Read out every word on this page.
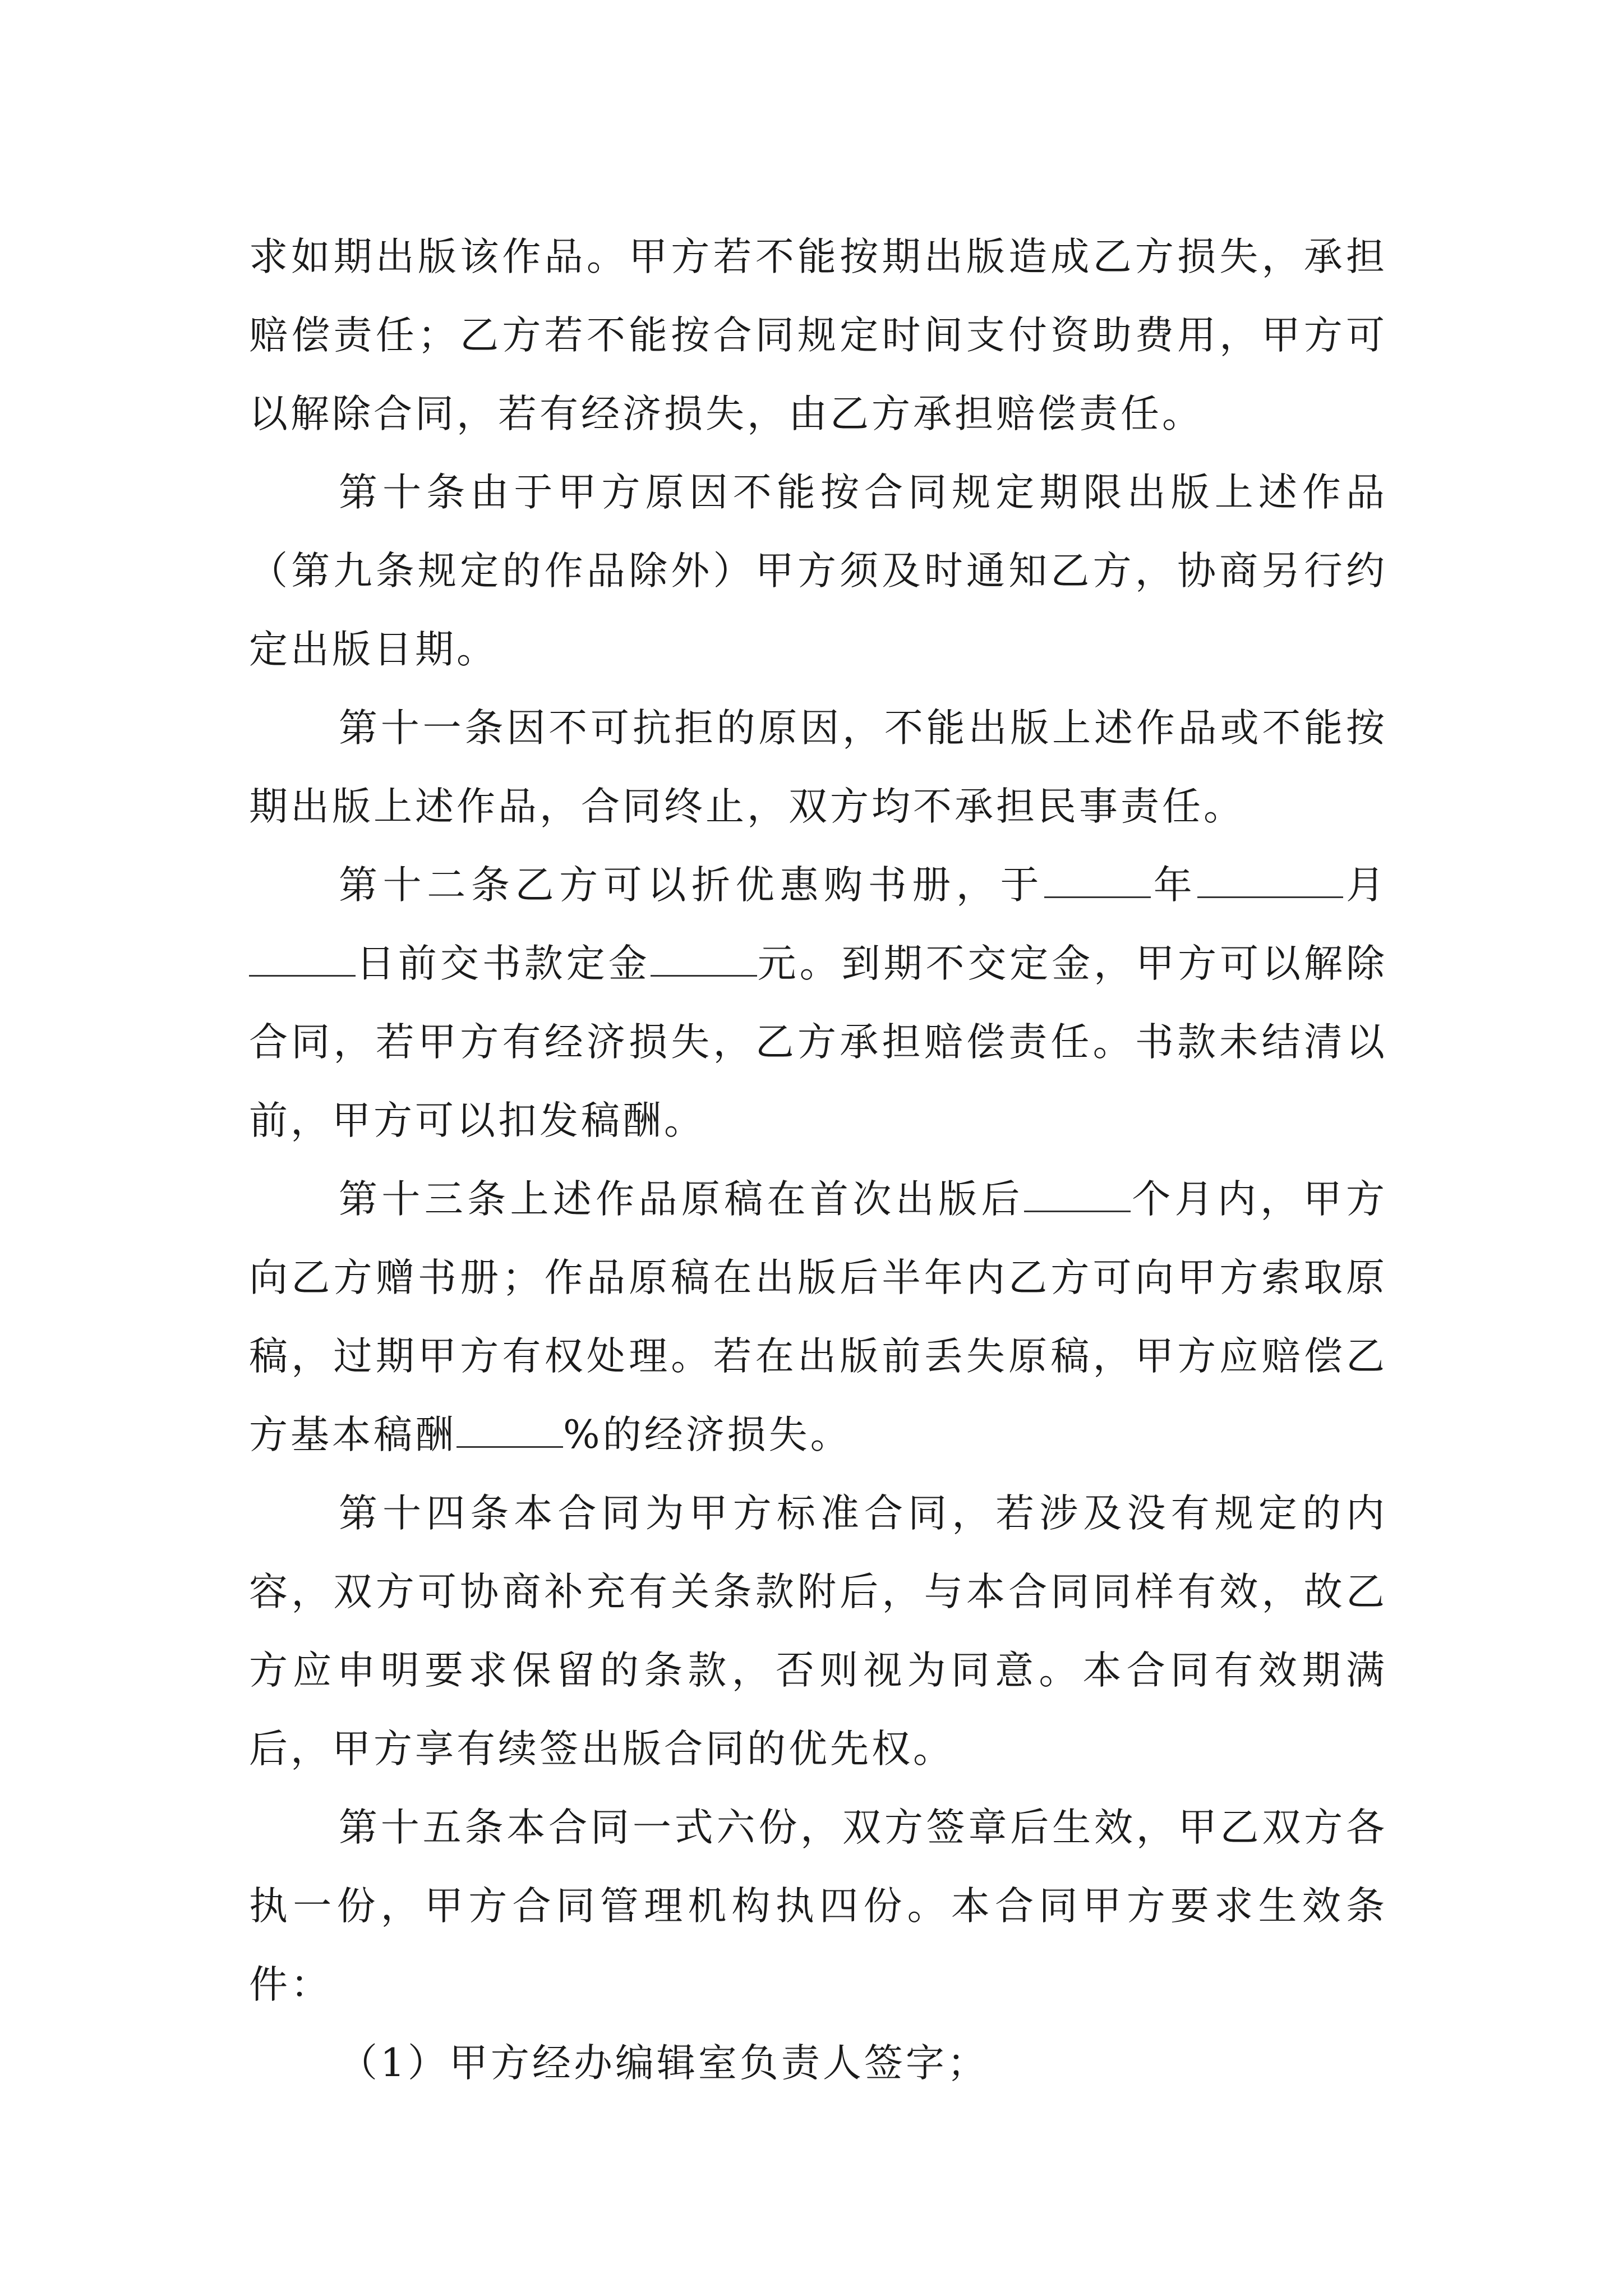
求如期出版该作品。甲方若不能按期出版造成乙方损失，承担赔偿责任；乙方若不能按合同规定时间支付资助费用，甲方可以解除合同，若有经济损失，由乙方承担赔偿责任。

第十条由于甲方原因不能按合同规定期限出版上述作品（第九条规定的作品除外）甲方须及时通知乙方，协商另行约定出版日期。

第十一条因不可抗拒的原因，不能出版上述作品或不能按期出版上述作品，合同终止，双方均不承担民事责任。

第十二条乙方可以折优惠购书册，于	年	月日前交书款定金	元。到期不交定金，甲方可以解除合同，若甲方有经济损失，乙方承担赔偿责任。书款未结清以前，甲方可以扣发稿酬。

第十三条上述作品原稿在首次出版后	个月内，甲方向乙方赠书册；作品原稿在出版后半年内乙方可向甲方索取原稿，过期甲方有权处理。若在出版前丢失原稿，甲方应赔偿乙方基本稿酬	%的经济损失。

第十四条本合同为甲方标准合同，若涉及没有规定的内容，双方可协商补充有关条款附后，与本合同同样有效，故乙方应申明要求保留的条款，否则视为同意。本合同有效期满后，甲方享有续签出版合同的优先权。

第十五条本合同一式六份，双方签章后生效，甲乙双方各执一份，甲方合同管理机构执四份。本合同甲方要求生效条件：

（1）甲方经办编辑室负责人签字；
